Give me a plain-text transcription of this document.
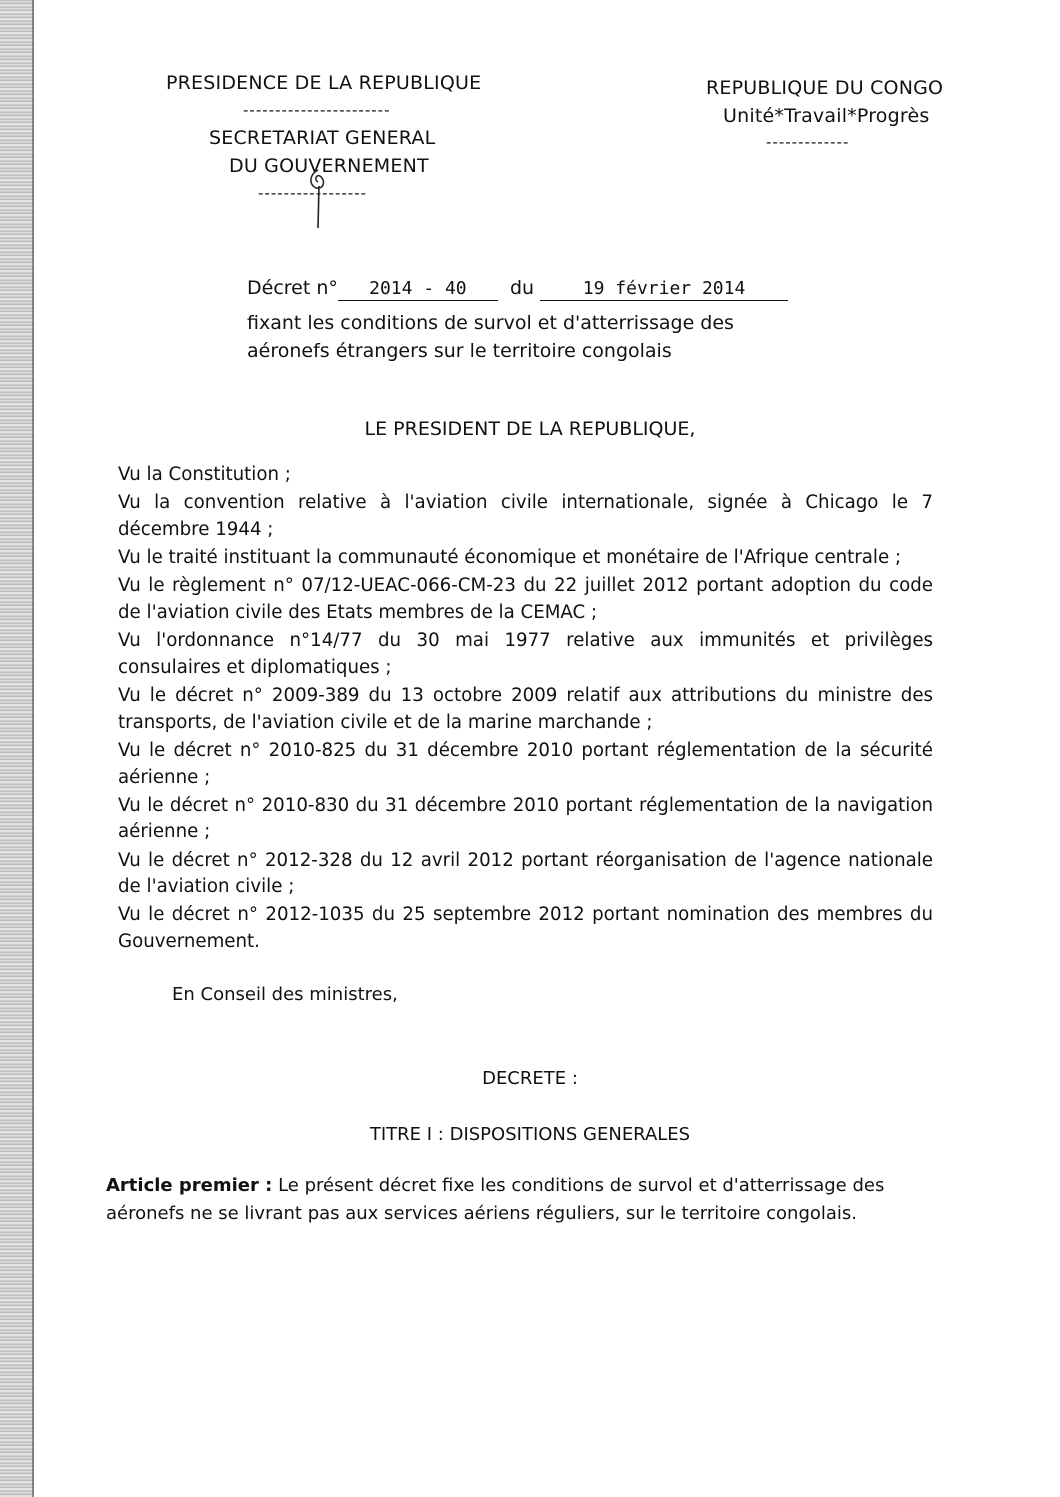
PRESIDENCE DE LA REPUBLIQUE
-----------------------
SECRETARIAT GENERAL
DU GOUVERNEMENT
-----------------
REPUBLIQUE DU CONGO
Unité*Travail*Progrès
-------------
Décret n° 2014 - 40 du	19 février 2014
fixant les conditions de survol et d'atterrissage des aéronefs étrangers sur le territoire congolais
LE PRESIDENT DE LA REPUBLIQUE,

Vu la Constitution ;

Vu la convention relative à l'aviation civile internationale, signée à Chicago le 7 décembre 1944 ;

Vu le traité instituant la communauté économique et monétaire de l'Afrique centrale ;

Vu le règlement n° 07/12-UEAC-066-CM-23 du 22 juillet 2012 portant adoption du code de l'aviation civile des Etats membres de la CEMAC ;

Vu l'ordonnance n°14/77 du 30 mai 1977 relative aux immunités et privilèges consulaires et diplomatiques ;

Vu le décret n° 2009-389 du 13 octobre 2009 relatif aux attributions du ministre des transports, de l'aviation civile et de la marine marchande ;

Vu le décret n° 2010-825 du 31 décembre 2010 portant réglementation de la sécurité aérienne ;

Vu le décret n° 2010-830 du 31 décembre 2010 portant réglementation de la navigation aérienne ;

Vu le décret n° 2012-328 du 12 avril 2012 portant réorganisation de l'agence nationale de l'aviation civile ;

Vu le décret n° 2012-1035 du 25 septembre 2012 portant nomination des membres du Gouvernement.

En Conseil des ministres,
DECRETE :
TITRE I : DISPOSITIONS GENERALES
Article premier : Le présent décret fixe les conditions de survol et d'atterrissage des aéronefs ne se livrant pas aux services aériens réguliers, sur le territoire congolais.
